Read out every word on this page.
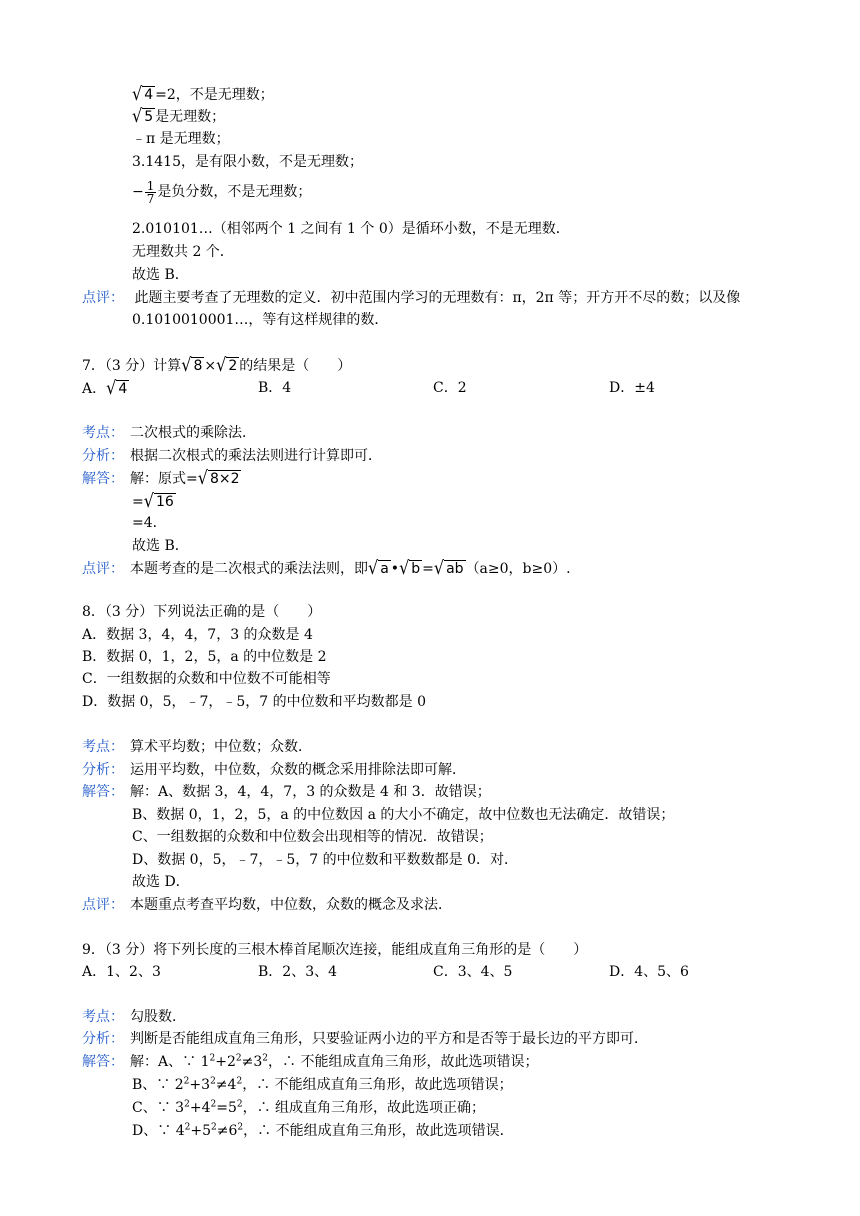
√ 4 =2，不是无理数；
√ 5 是无理数；
﹣π 是无理数；
3.1415，是有限小数，不是无理数；
− $\frac{1}{7}$ 是负分数，不是无理数；
2.010101…（相邻两个 1 之间有 1 个 0）是循环小数，不是无理数．
无理数共 2 个．
故选 B．
点评： 此题主要考查了无理数的定义．初中范围内学习的无理数有：π，2π 等；开方开不尽的数；以及像
0.1010010001…，等有这样规律的数．
7．（3 分）计算√ 8 ×√ 2 的结果是（　　）
A．√ 4	B．4	C．2	D．±4
考点： 二次根式的乘除法．
分析： 根据二次根式的乘法法则进行计算即可．
解答： 解：原式=√ 8×2
=√ 16
=4．
故选 B．
点评： 本题考查的是二次根式的乘法法则，即√ a •√ b =√ ab （a≥0，b≥0）.
8．（3 分）下列说法正确的是（　　）
A．数据 3，4，4，7，3 的众数是 4
B．数据 0，1，2，5，a 的中位数是 2
C．一组数据的众数和中位数不可能相等
D．数据 0，5，﹣7，﹣5，7 的中位数和平均数都是 0
考点： 算术平均数；中位数；众数．
分析： 运用平均数，中位数，众数的概念采用排除法即可解．
解答： 解：A、数据 3，4，4，7，3 的众数是 4 和 3．故错误；
B、数据 0，1，2，5，a 的中位数因 a 的大小不确定，故中位数也无法确定．故错误；
C、一组数据的众数和中位数会出现相等的情况．故错误；
D、数据 0，5，﹣7，﹣5，7 的中位数和平数数都是 0．对．
故选 D．
点评： 本题重点考查平均数，中位数，众数的概念及求法．
9．（3 分）将下列长度的三根木棒首尾顺次连接，能组成直角三角形的是（　　）
A．1、2、3	B．2、3、4	C．3、4、5	D．4、5、6
考点： 勾股数．
分析： 判断是否能组成直角三角形，只要验证两小边的平方和是否等于最长边的平方即可．
解答： 解：A、∵ $1^2+2^2\ne 3^2$，∴ 不能组成直角三角形，故此选项错误；
B、∵ $2^2+3^2\ne 4^2$，∴ 不能组成直角三角形，故此选项错误；
C、∵ $3^2+4^2=5^2$，∴ 组成直角三角形，故此选项正确；
D、∵ $4^2+5^2\ne 6^2$，∴ 不能组成直角三角形，故此选项错误．
